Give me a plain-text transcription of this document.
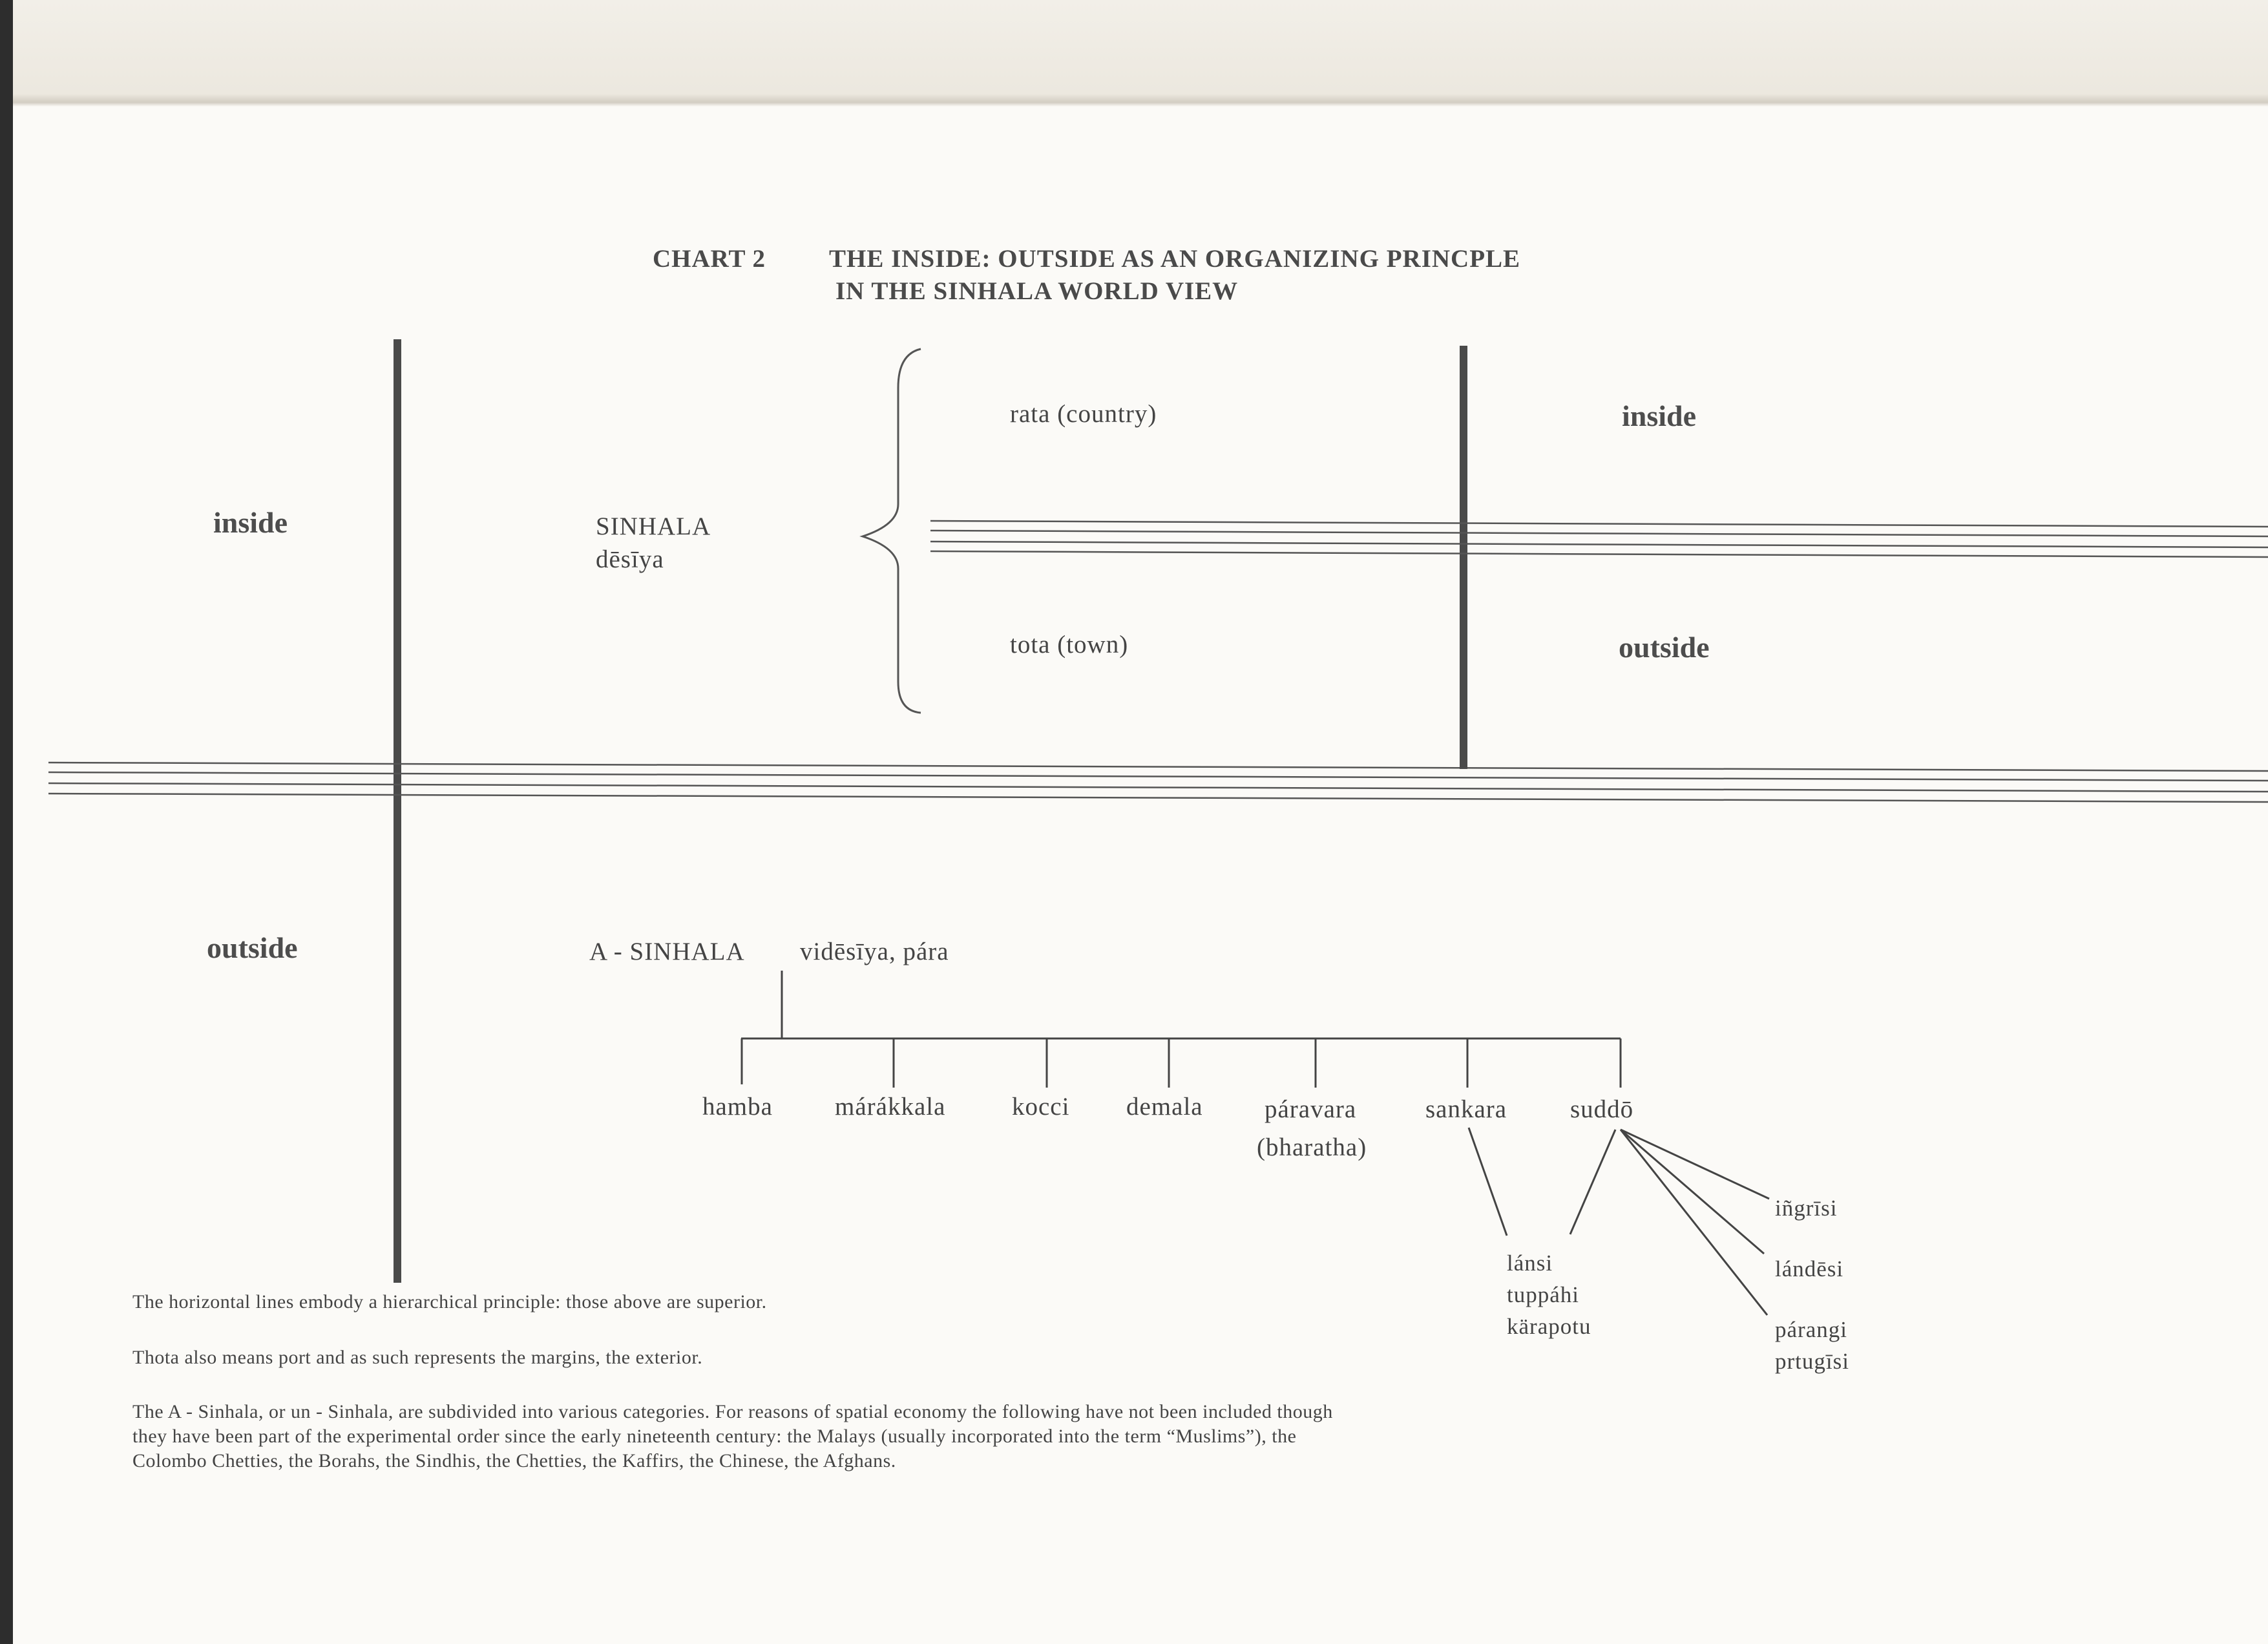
CHART 2	THE INSIDE: OUTSIDE AS AN ORGANIZING PRINCPLE
IN THE SINHALA WORLD VIEW
inside
outside
SINHALA
dēsīya
rata (country)
tota (town)
inside
outside
A - SINHALA vidēsīya, pára
hamba márákkala	kocci demala páravara
(bharatha)
sankara	suddō
lánsi
tuppáhi
kärapotu
iñgrīsi
lándēsi
párangi
prtugīsi
The horizontal lines embody a hierarchical principle: those above are superior.
Thota also means port and as such represents the margins, the exterior.
The A - Sinhala, or un - Sinhala, are subdivided into various categories. For reasons of spatial economy the following have not been included though they have been part of the experimental order since the early nineteenth century: the Malays (usually incorporated into the term “Muslims”), the Colombo Chetties, the Borahs, the Sindhis, the Chetties, the Kaffirs, the Chinese, the Afghans.
